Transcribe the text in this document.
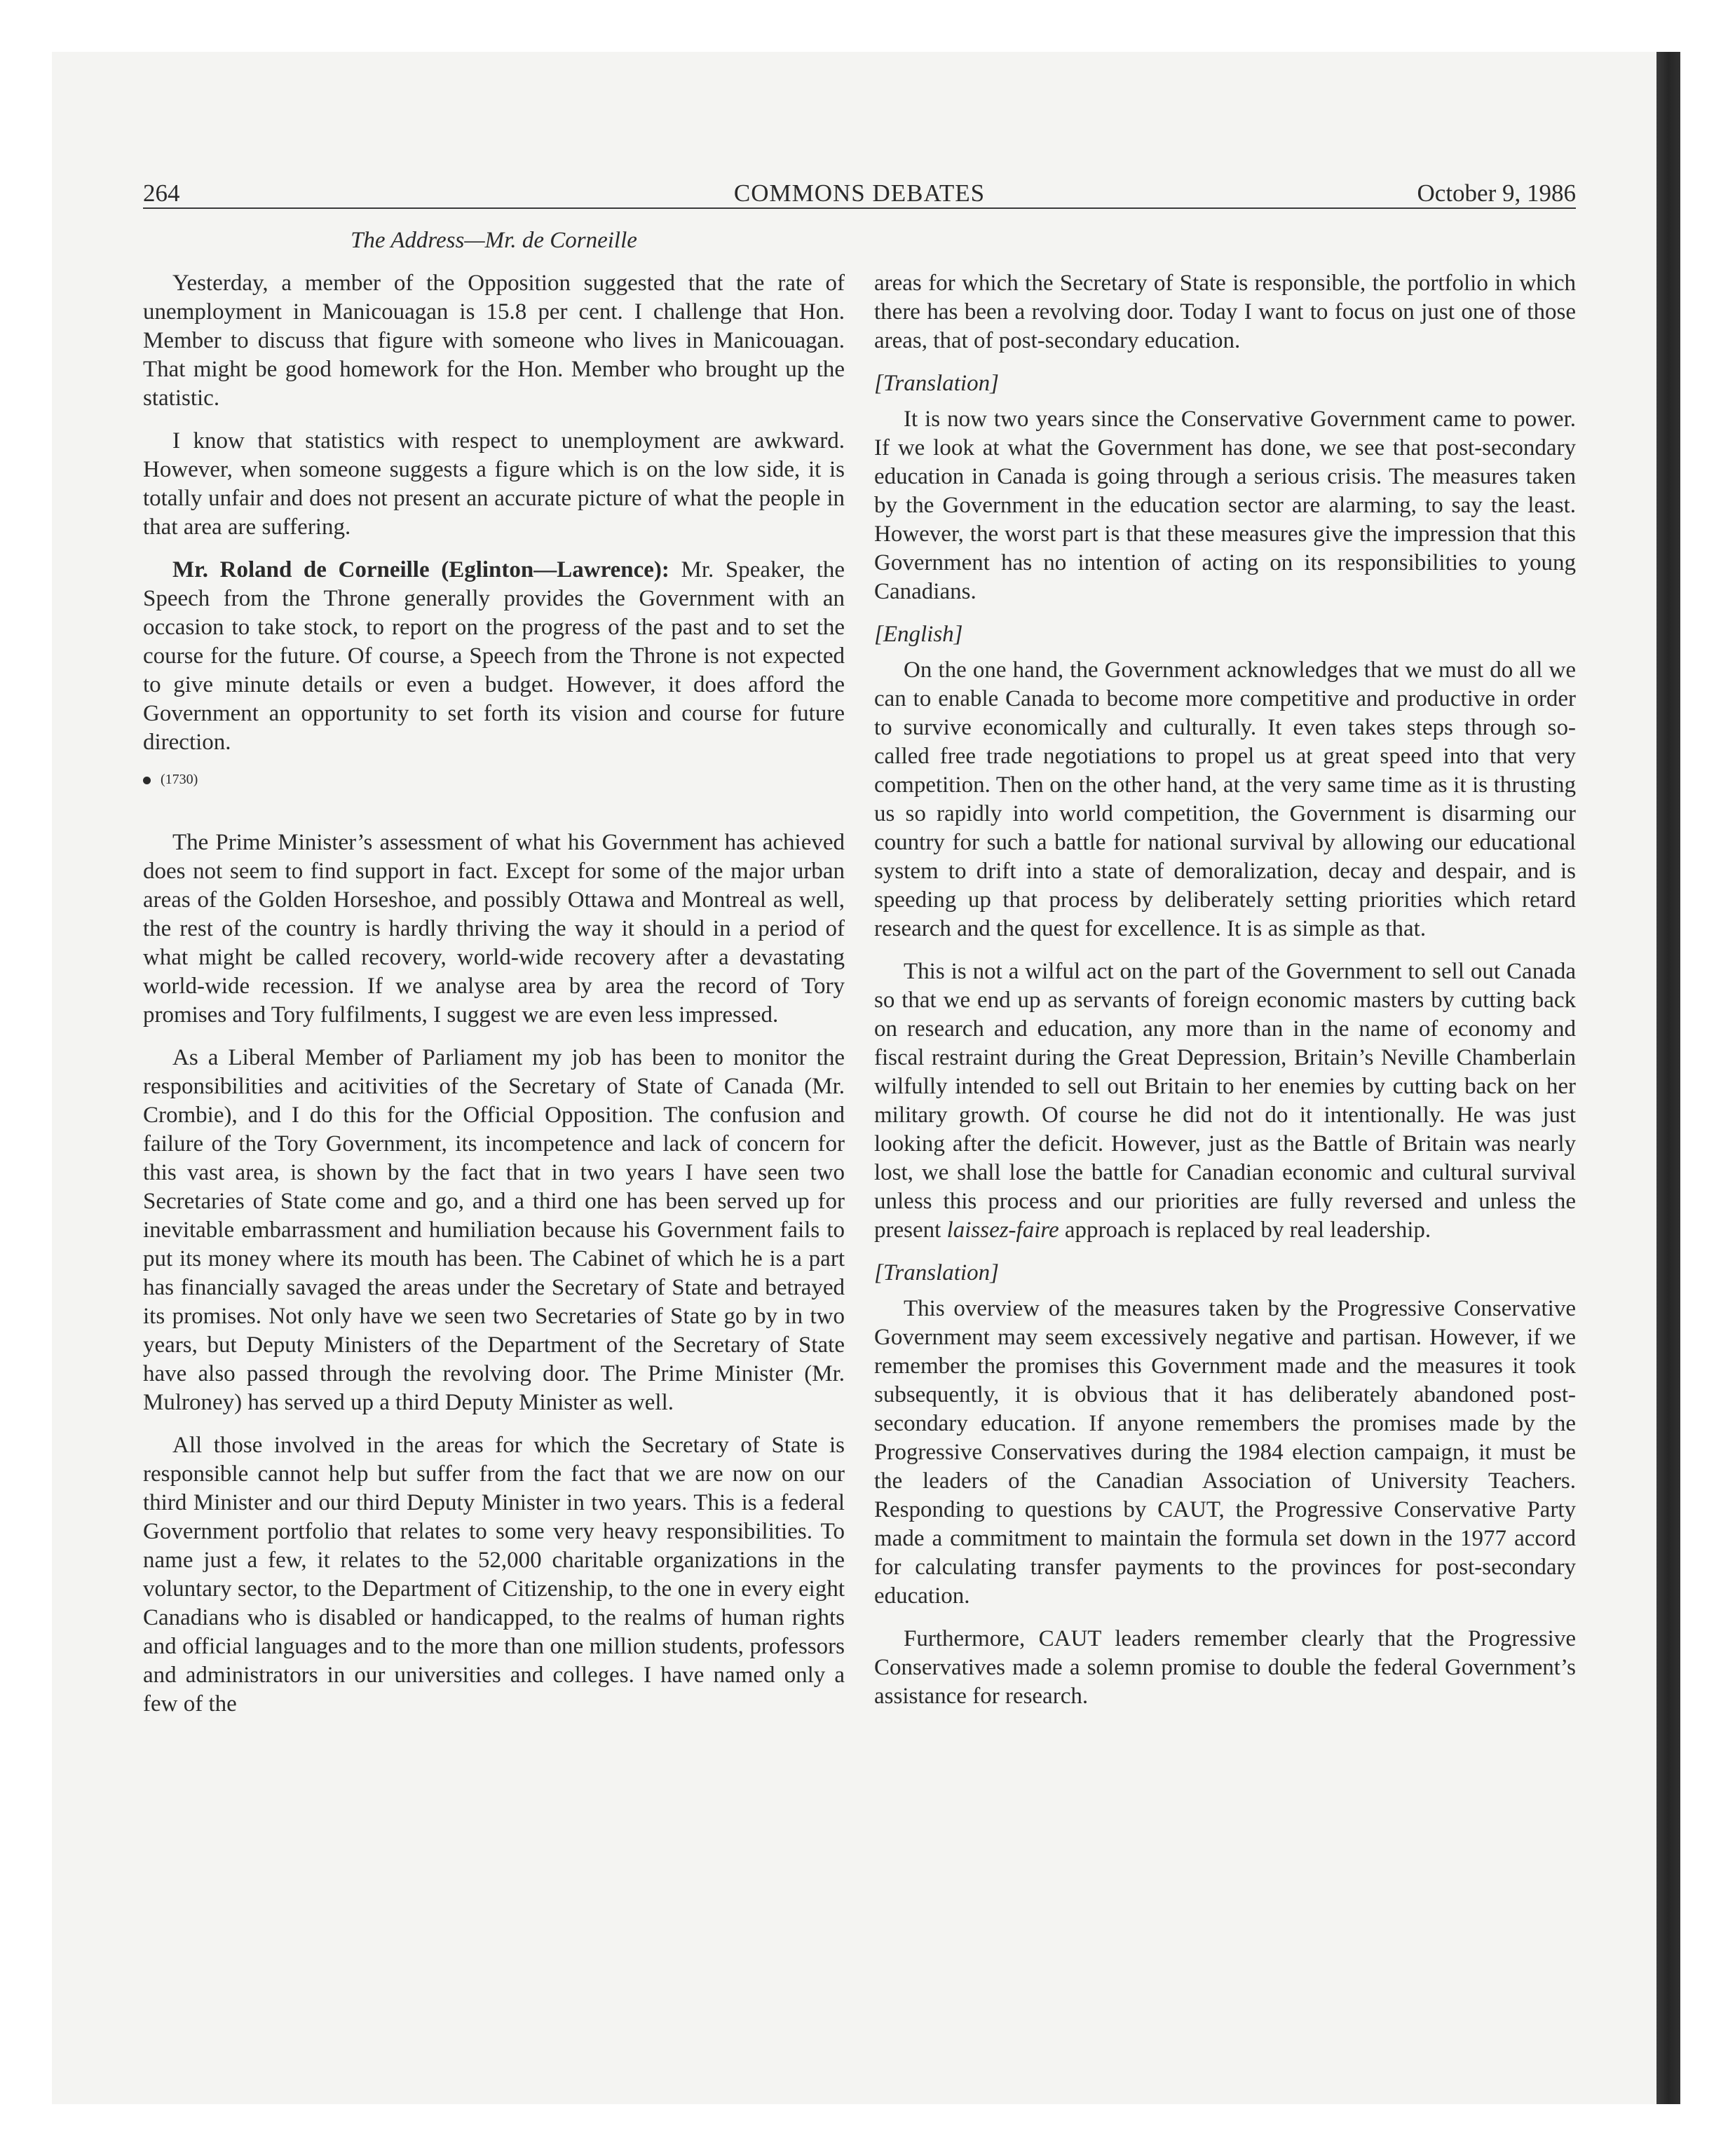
264	COMMONS DEBATES	October 9, 1986
The Address—Mr. de Corneille

Yesterday, a member of the Opposition suggested that the rate of unemployment in Manicouagan is 15.8 per cent. I challenge that Hon. Member to discuss that figure with someone who lives in Manicouagan. That might be good homework for the Hon. Member who brought up the statistic.

I know that statistics with respect to unemployment are awkward. However, when someone suggests a figure which is on the low side, it is totally unfair and does not present an accurate picture of what the people in that area are suffering.

Mr. Roland de Corneille (Eglinton—Lawrence): Mr. Speaker, the Speech from the Throne generally provides the Government with an occasion to take stock, to report on the progress of the past and to set the course for the future. Of course, a Speech from the Throne is not expected to give minute details or even a budget. However, it does afford the Government an opportunity to set forth its vision and course for future direction.

(1730)

The Prime Minister’s assessment of what his Government has achieved does not seem to find support in fact. Except for some of the major urban areas of the Golden Horseshoe, and possibly Ottawa and Montreal as well, the rest of the country is hardly thriving the way it should in a period of what might be called recovery, world-wide recovery after a devastating world-wide recession. If we analyse area by area the record of Tory promises and Tory fulfilments, I suggest we are even less impressed.

As a Liberal Member of Parliament my job has been to monitor the responsibilities and acitivities of the Secretary of State of Canada (Mr. Crombie), and I do this for the Official Opposition. The confusion and failure of the Tory Government, its incompetence and lack of concern for this vast area, is shown by the fact that in two years I have seen two Secretaries of State come and go, and a third one has been served up for inevitable embarrassment and humiliation because his Government fails to put its money where its mouth has been. The Cabinet of which he is a part has financially savaged the areas under the Secretary of State and betrayed its promises. Not only have we seen two Secretaries of State go by in two years, but Deputy Ministers of the Department of the Secretary of State have also passed through the revolving door. The Prime Minister (Mr. Mulroney) has served up a third Deputy Minister as well.

All those involved in the areas for which the Secretary of State is responsible cannot help but suffer from the fact that we are now on our third Minister and our third Deputy Minister in two years. This is a federal Government portfolio that relates to some very heavy responsibilities. To name just a few, it relates to the 52,000 charitable organizations in the voluntary sector, to the Department of Citizenship, to the one in every eight Canadians who is disabled or handicapped, to the realms of human rights and official languages and to the more than one million students, professors and administrators in our universities and colleges. I have named only a few of the

areas for which the Secretary of State is responsible, the portfolio in which there has been a revolving door. Today I want to focus on just one of those areas, that of post-secondary education.

[Translation]

It is now two years since the Conservative Government came to power. If we look at what the Government has done, we see that post-secondary education in Canada is going through a serious crisis. The measures taken by the Government in the education sector are alarming, to say the least. However, the worst part is that these measures give the impression that this Government has no intention of acting on its responsibilities to young Canadians.

[English]

On the one hand, the Government acknowledges that we must do all we can to enable Canada to become more competitive and productive in order to survive economically and culturally. It even takes steps through so-called free trade negotiations to propel us at great speed into that very competition. Then on the other hand, at the very same time as it is thrusting us so rapidly into world competition, the Government is disarming our country for such a battle for national survival by allowing our educational system to drift into a state of demoralization, decay and despair, and is speeding up that process by deliberately setting priorities which retard research and the quest for excellence. It is as simple as that.

This is not a wilful act on the part of the Government to sell out Canada so that we end up as servants of foreign economic masters by cutting back on research and education, any more than in the name of economy and fiscal restraint during the Great Depression, Britain’s Neville Chamberlain wilfully intended to sell out Britain to her enemies by cutting back on her military growth. Of course he did not do it intentionally. He was just looking after the deficit. However, just as the Battle of Britain was nearly lost, we shall lose the battle for Canadian economic and cultural survival unless this process and our priorities are fully reversed and unless the present laissez-faire approach is replaced by real leadership.

[Translation]

This overview of the measures taken by the Progressive Conservative Government may seem excessively negative and partisan. However, if we remember the promises this Government made and the measures it took subsequently, it is obvious that it has deliberately abandoned post-secondary education. If anyone remembers the promises made by the Progressive Conservatives during the 1984 election campaign, it must be the leaders of the Canadian Association of University Teachers. Responding to questions by CAUT, the Progressive Conservative Party made a commitment to maintain the formula set down in the 1977 accord for calculating transfer payments to the provinces for post-secondary education.

Furthermore, CAUT leaders remember clearly that the Progressive Conservatives made a solemn promise to double the federal Government’s assistance for research.
